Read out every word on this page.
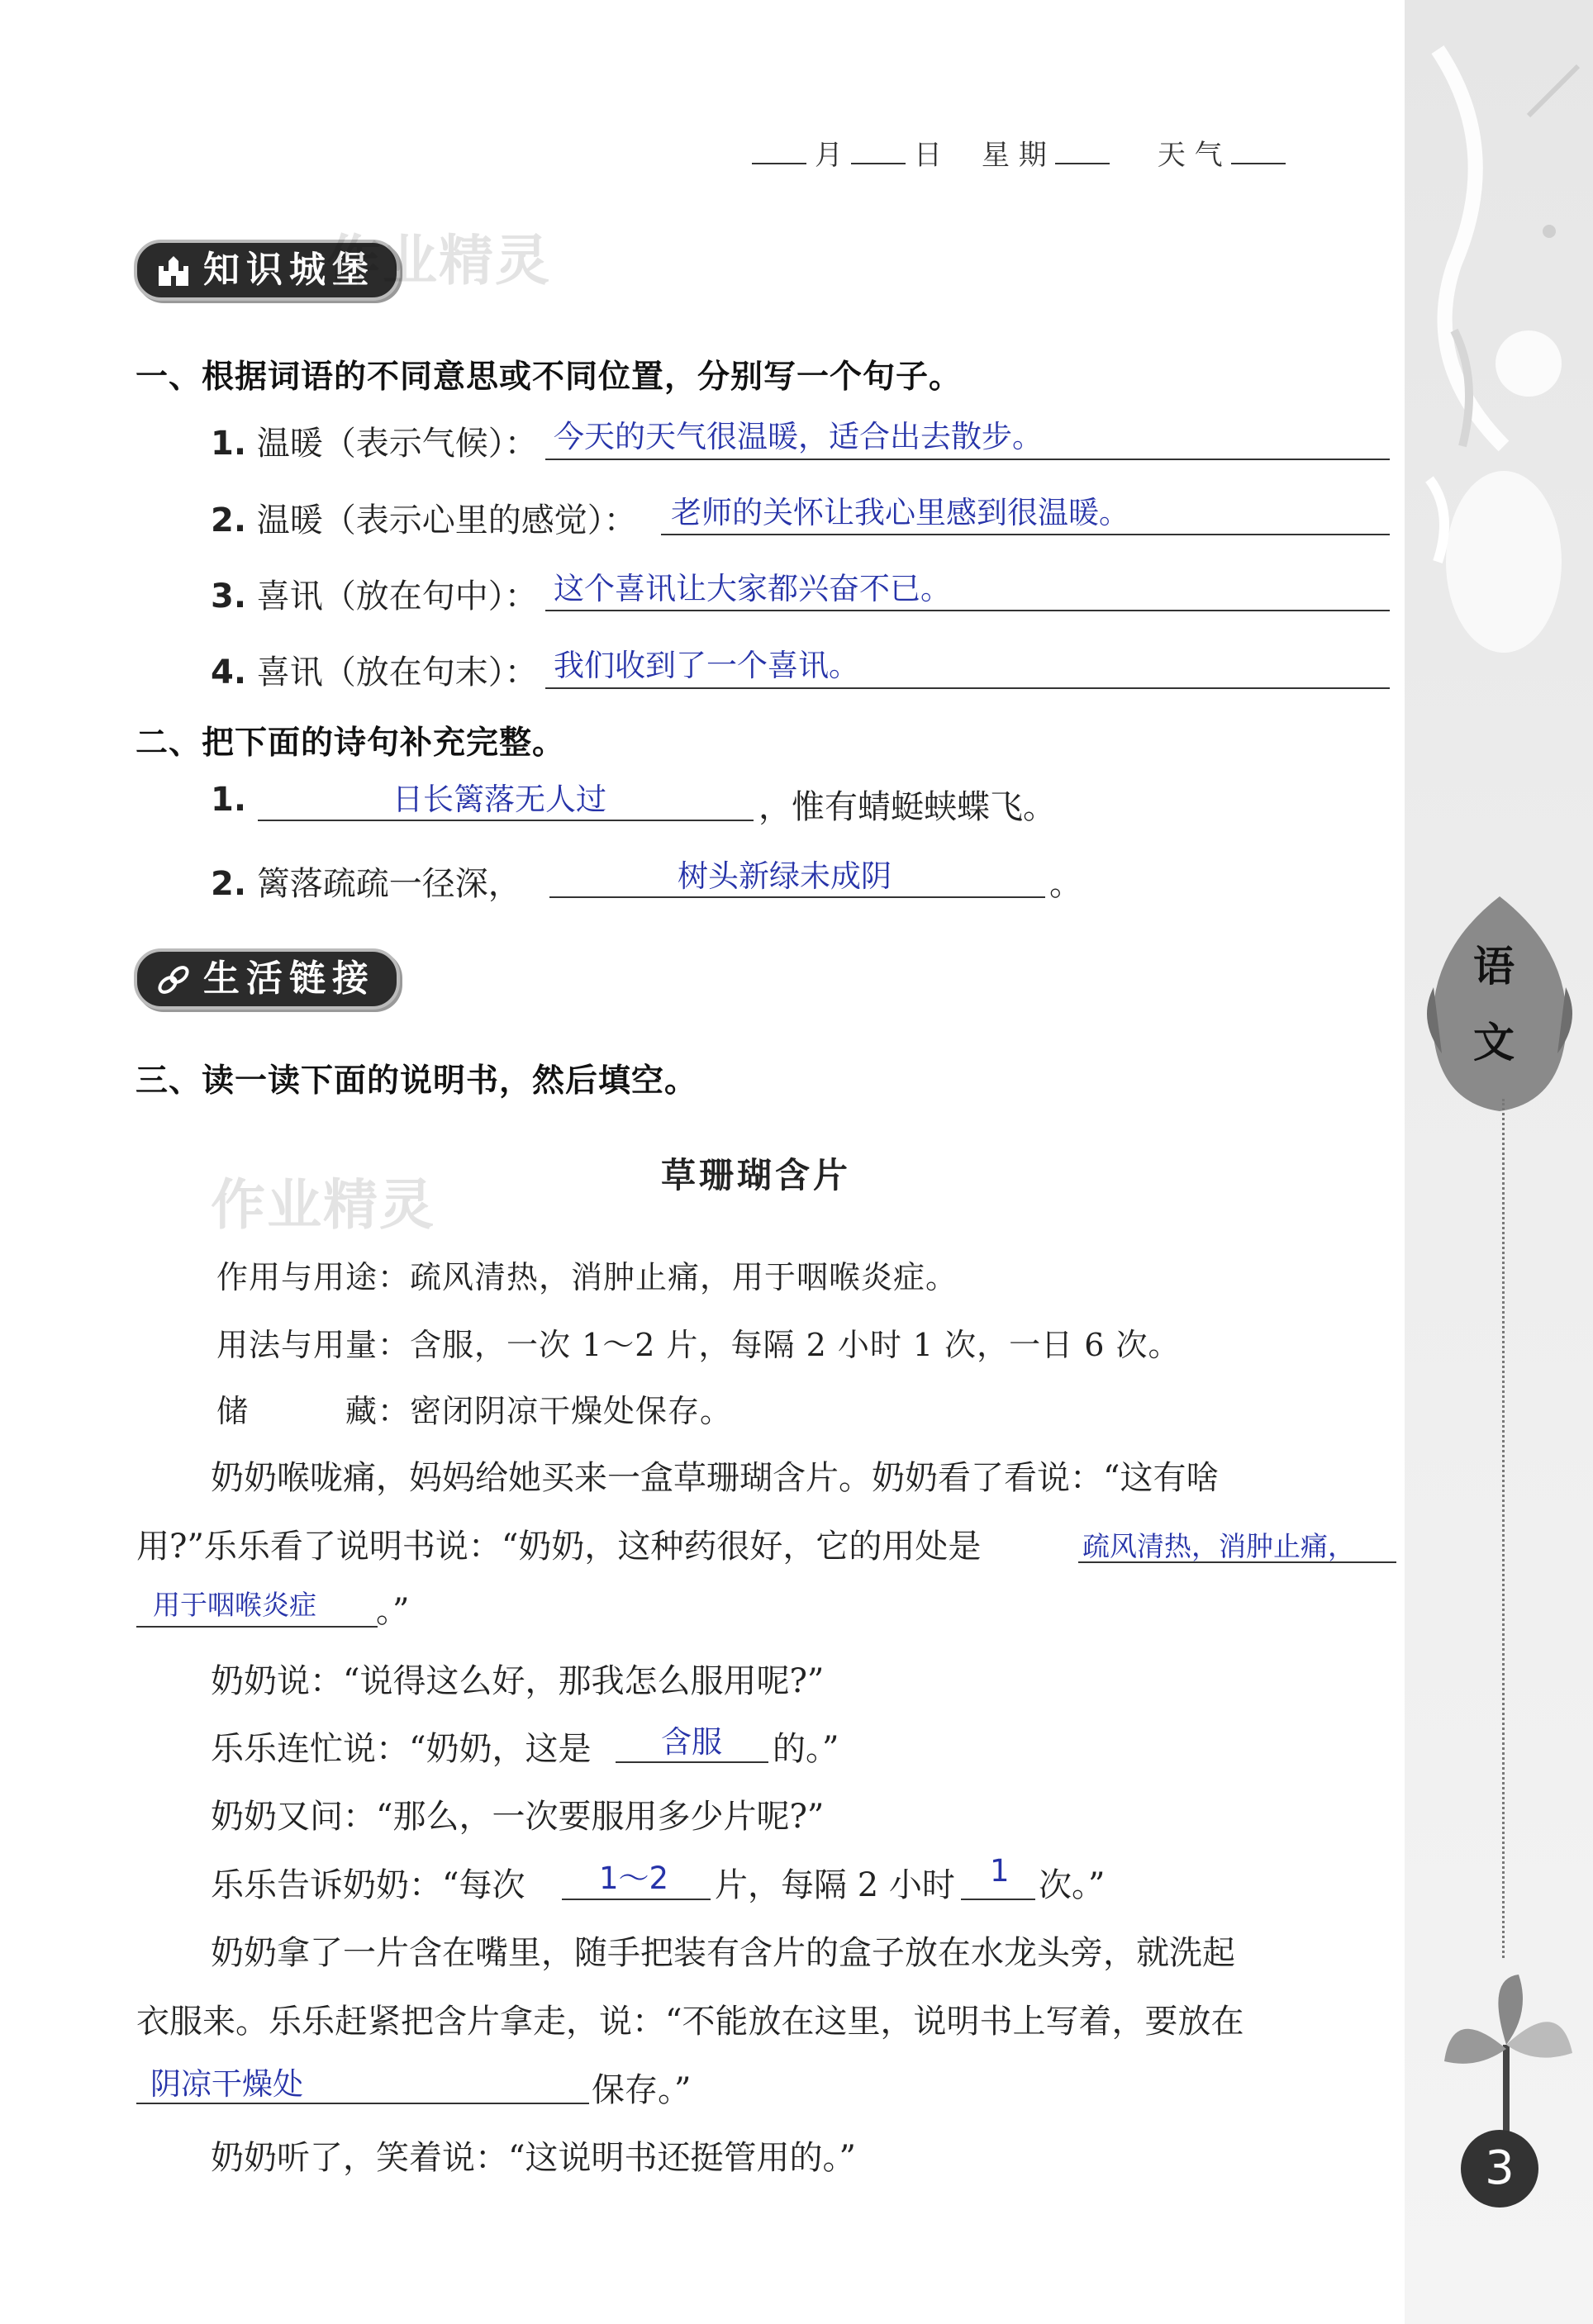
语
文
3
月	日 星 期	天 气
知识城堡
作业精灵
一、根据词语的不同意思或不同位置，分别写一个句子。
1. 温暖（表示气候）： 今天的天气很温暖，适合出去散步。
2. 温暖（表示心里的感觉）： 老师的关怀让我心里感到很温暖。
3. 喜讯（放在句中）： 这个喜讯让大家都兴奋不已。
4. 喜讯（放在句末）： 我们收到了一个喜讯。
二、把下面的诗句补充完整。
1.	日长篱落无人过	，惟有蜻蜓蛱蝶飞。
2. 篱落疏疏一径深，	树头新绿未成阴	。
生活链接
三、读一读下面的说明书，然后填空。
作业精灵	草珊瑚含片
作用与用途：疏风清热，消肿止痛，用于咽喉炎症。
用法与用量：含服，一次 1～2 片，每隔 2 小时 1 次，一日 6 次。
储　　　藏：密闭阴凉干燥处保存。
奶奶喉咙痛，妈妈给她买来一盒草珊瑚含片。奶奶看了看说：“这有啥
用?”乐乐看了说明书说：“奶奶，这种药很好，它的用处是	疏风清热，消肿止痛，
用于咽喉炎症 。”
奶奶说：“说得这么好，那我怎么服用呢?”
乐乐连忙说：“奶奶，这是 含服 的。”
奶奶又问：“那么，一次要服用多少片呢?”
乐乐告诉奶奶：“每次 1～2 片，每隔 2 小时 1 次。”
奶奶拿了一片含在嘴里，随手把装有含片的盒子放在水龙头旁，就洗起
衣服来。乐乐赶紧把含片拿走，说：“不能放在这里，说明书上写着，要放在
阴凉干燥处	保存。”
奶奶听了，笑着说：“这说明书还挺管用的。”
